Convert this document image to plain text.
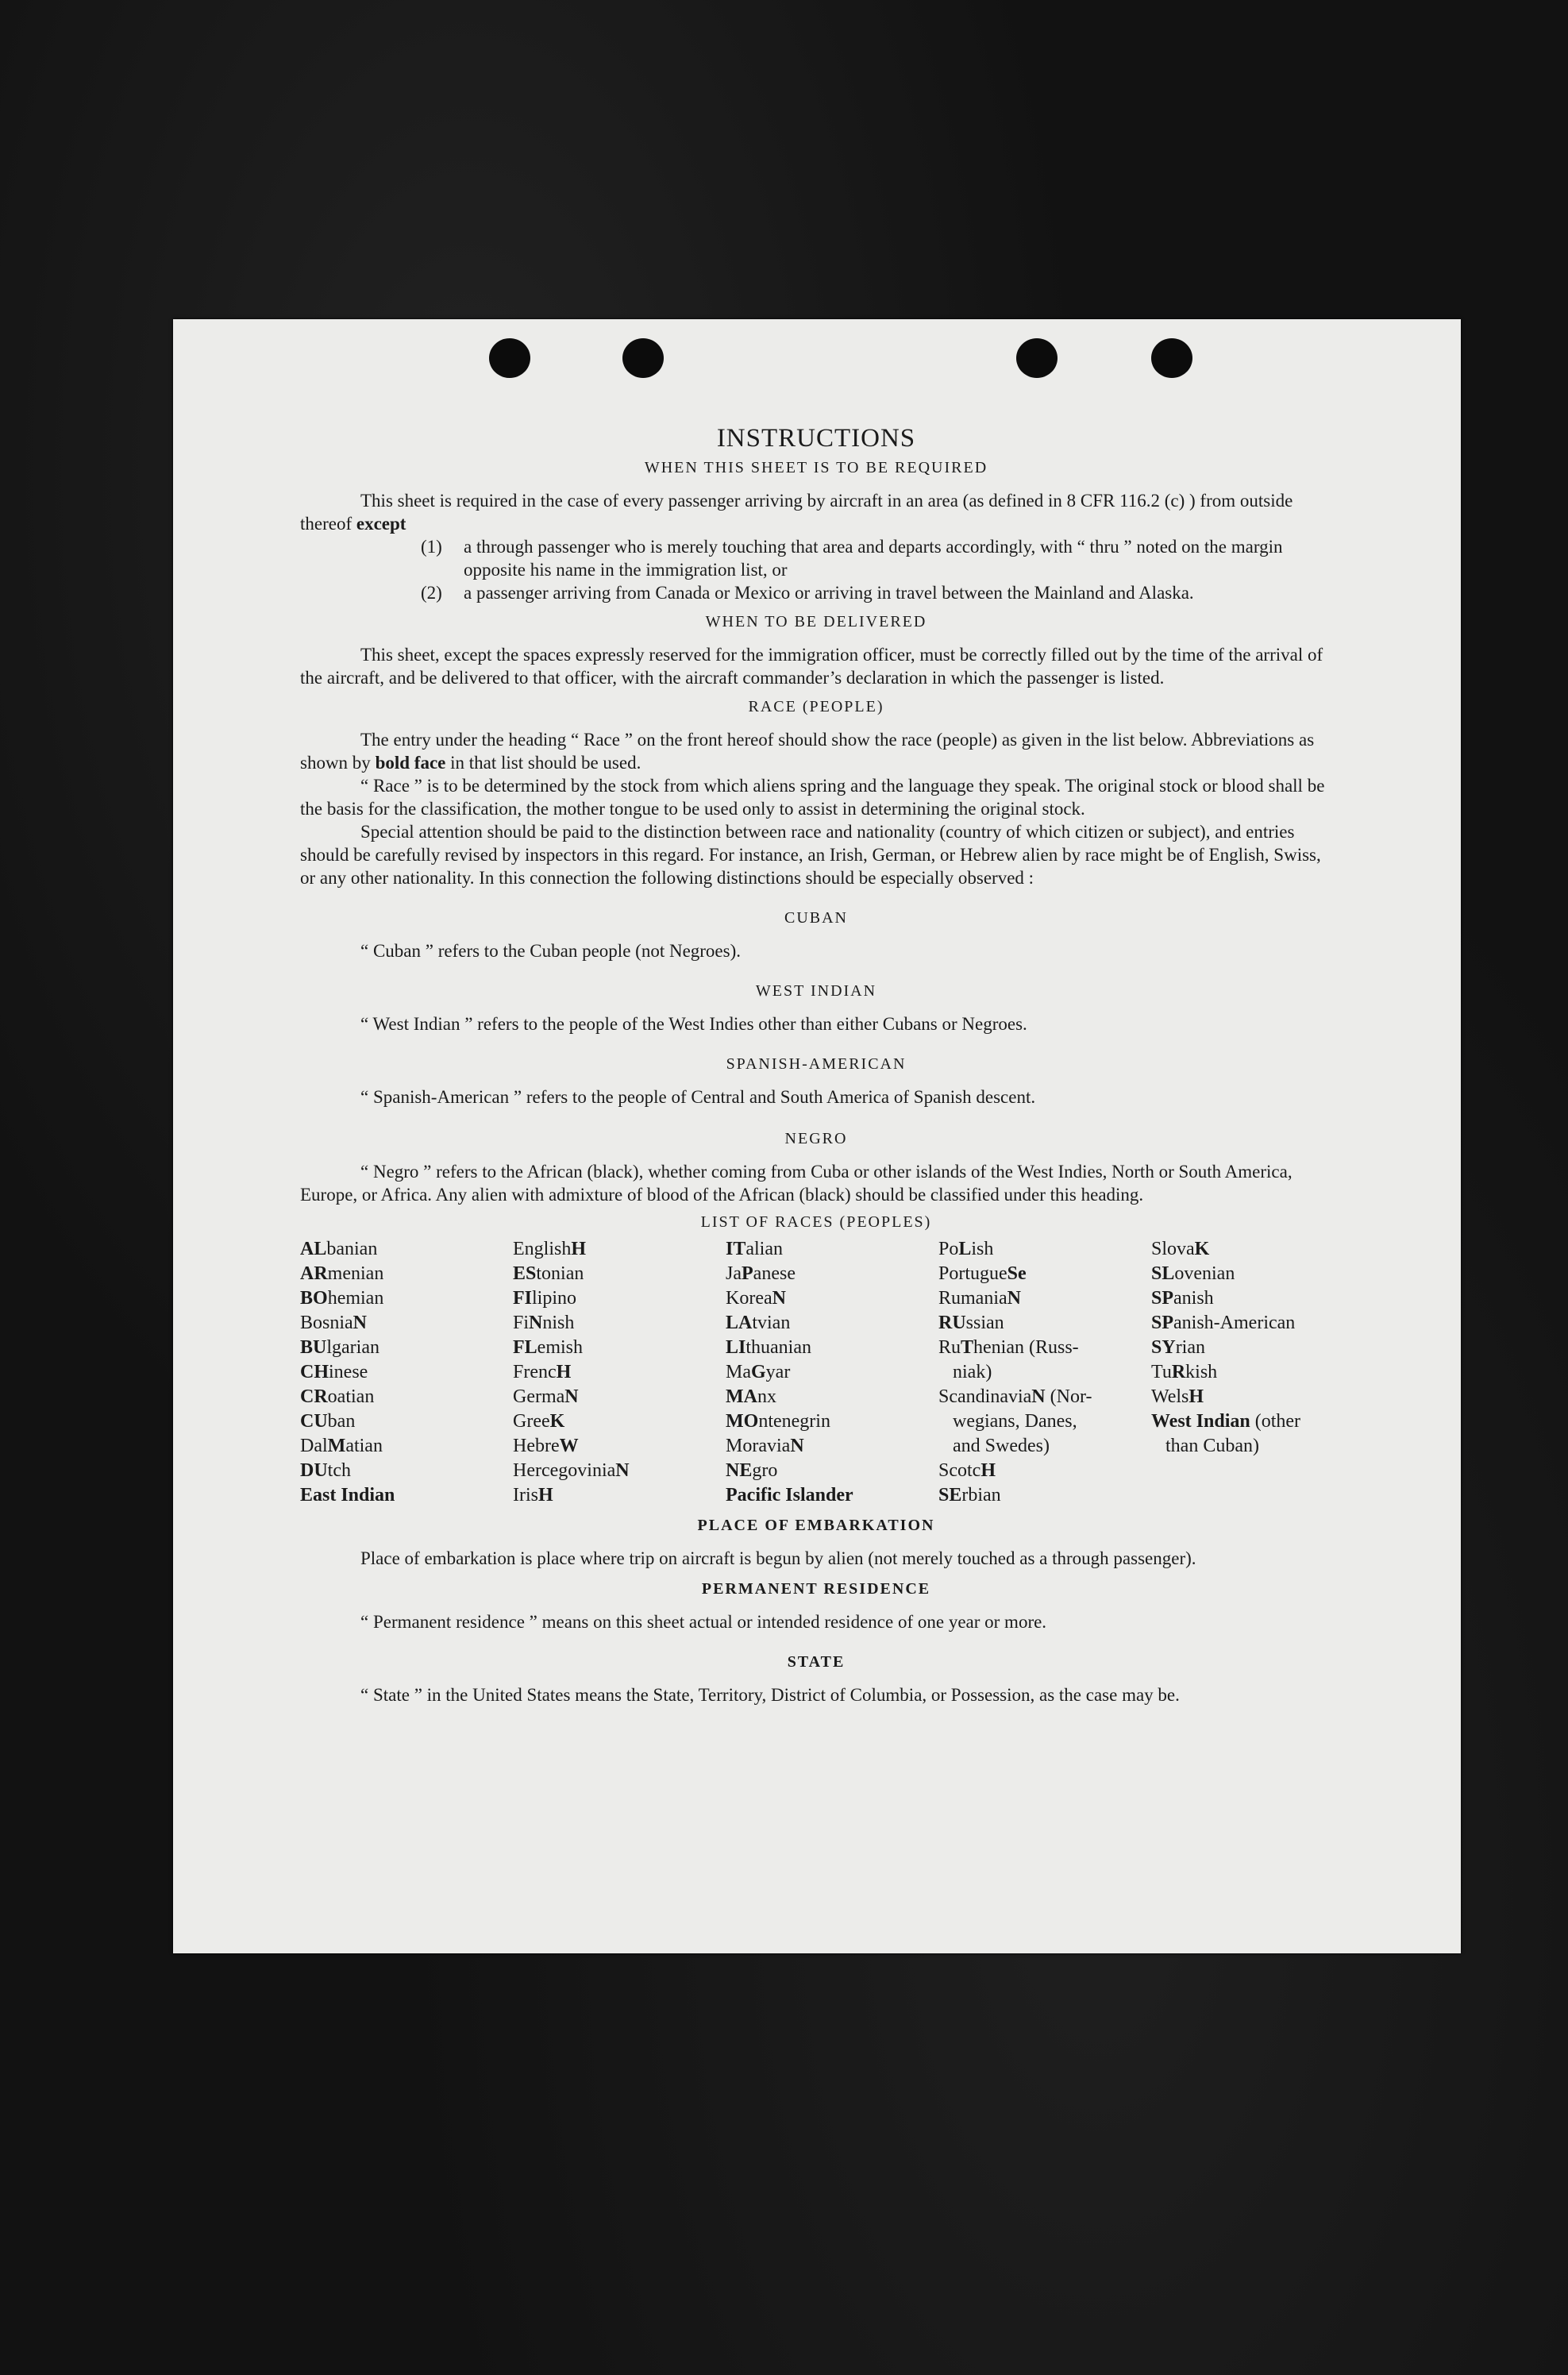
INSTRUCTIONS
WHEN THIS SHEET IS TO BE REQUIRED

This sheet is required in the case of every passenger arriving by aircraft in an area (as defined in 8 CFR 116.2 (c) ) from outside thereof except

(1)	a through passenger who is merely touching that area and departs accordingly, with “ thru ” noted on the margin opposite his name in the immigration list, or
(2)	a passenger arriving from Canada or Mexico or arriving in travel between the Mainland and Alaska.
WHEN TO BE DELIVERED

This sheet, except the spaces expressly reserved for the immigration officer, must be correctly filled out by the time of the arrival of the aircraft, and be delivered to that officer, with the aircraft commander’s declaration in which the passenger is listed.

RACE (PEOPLE)

The entry under the heading “ Race ” on the front hereof should show the race (people) as given in the list below. Abbreviations as shown by bold face in that list should be used.

“ Race ” is to be determined by the stock from which aliens spring and the language they speak. The original stock or blood shall be the basis for the classification, the mother tongue to be used only to assist in determining the original stock.

Special attention should be paid to the distinction between race and nationality (country of which citizen or subject), and entries should be carefully revised by inspectors in this regard. For instance, an Irish, German, or Hebrew alien by race might be of English, Swiss, or any other nationality. In this connection the following distinctions should be especially observed :

CUBAN

“ Cuban ” refers to the Cuban people (not Negroes).

WEST INDIAN

“ West Indian ” refers to the people of the West Indies other than either Cubans or Negroes.

SPANISH-AMERICAN

“ Spanish-American ” refers to the people of Central and South America of Spanish descent.

NEGRO

“ Negro ” refers to the African (black), whether coming from Cuba or other islands of the West Indies, North or South America, Europe, or Africa. Any alien with admixture of blood of the African (black) should be classified under this heading.

LIST OF RACES (PEOPLES)
ALbanian
ARmenian
BOhemian
BosniaN
BUlgarian
CHinese
CRoatian
CUban
DalMatian
DUtch
East Indian
EnglishH
EStonian
FIlipino
FiNnish
FLemish
FrencH
GermaN
GreeK
HebreW
HercegoviniaN
IrisH
ITalian
JaPanese
KoreaN
LAtvian
LIthuanian
MaGyar
MAnx
MOntenegrin
MoraviaN
NEgro
Pacific Islander
PoLish
PortugueSe
RumaniaN
RUssian
RuThenian (Russ-
niak)
ScandinaviaN (Nor-
wegians, Danes,
and Swedes)
ScotcH
SErbian
SlovaK
SLovenian
SPanish
SPanish-American
SYrian
TuRkish
WelsH
West Indian (other
than Cuban)
PLACE OF EMBARKATION

Place of embarkation is place where trip on aircraft is begun by alien (not merely touched as a through passenger).

PERMANENT RESIDENCE

“ Permanent residence ” means on this sheet actual or intended residence of one year or more.

STATE

“ State ” in the United States means the State, Territory, District of Columbia, or Possession, as the case may be.
